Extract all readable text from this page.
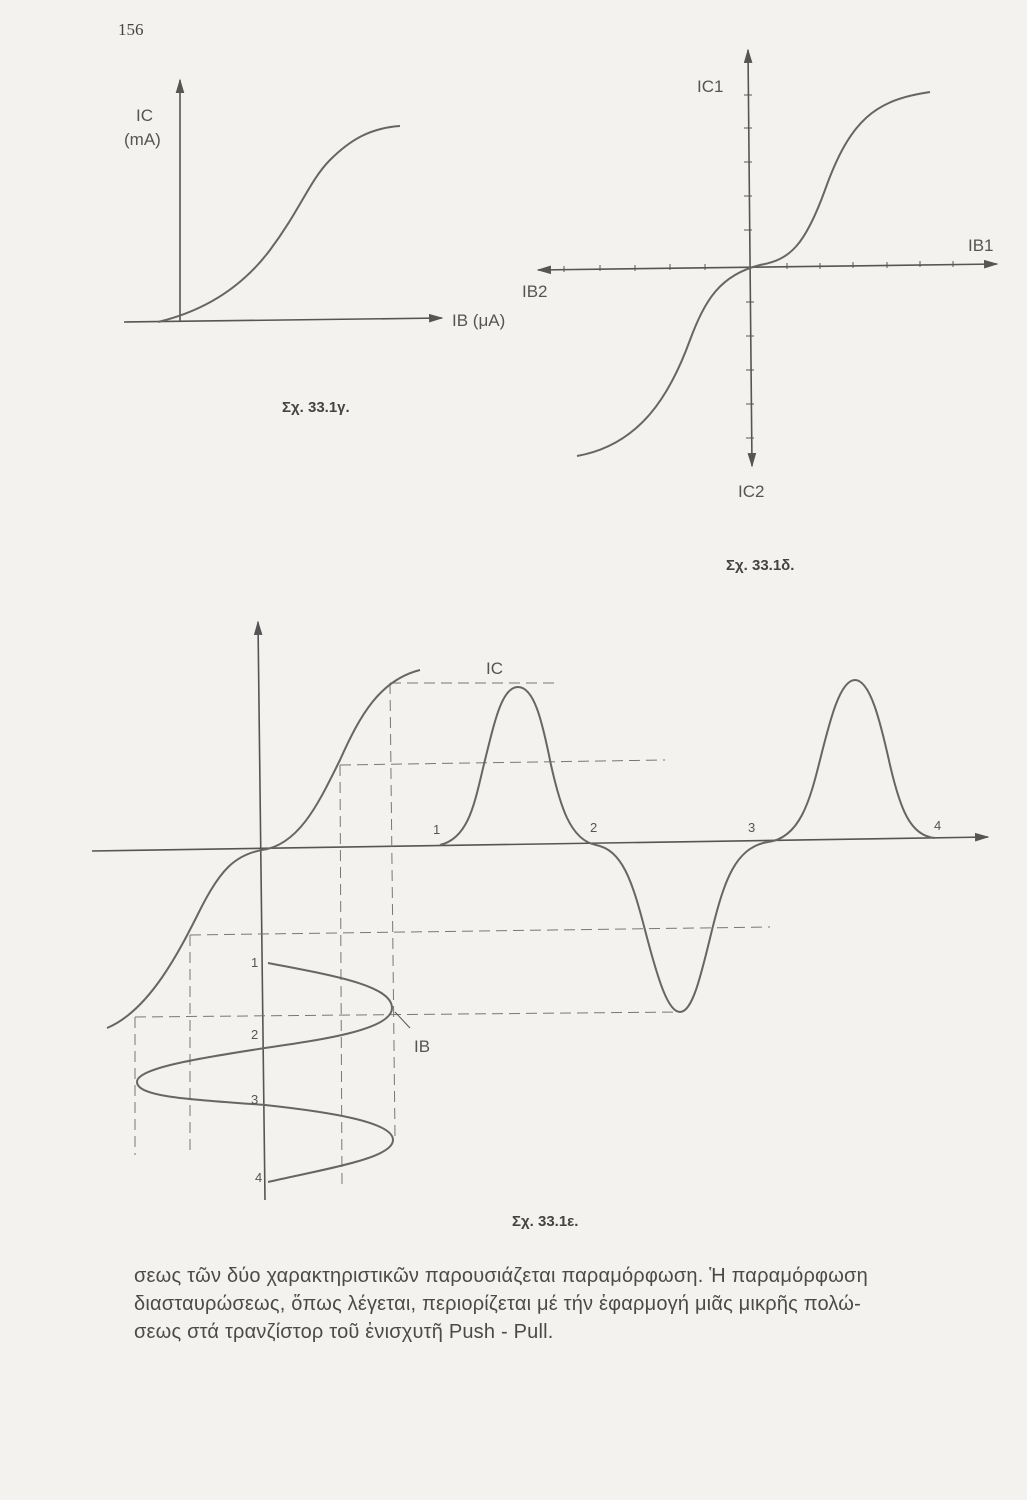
156
IC
(mA)
IB (μA)
Σχ. 33.1γ.
IC1
IB1
IB2
IC2
Σχ. 33.1δ.
IC
IB
1	2	3	4
1
2
3
4
Σχ. 33.1ε.

σεως τῶν δύο χαρακτηριστικῶν παρουσιάζεται παραμόρφωση. Ἡ παραμόρφωση

διασταυρώσεως, ὅπως λέγεται, περιορίζεται μέ τήν ἐφαρμογή μιᾶς μικρῆς πολώ-

σεως στά τρανζίστορ τοῦ ἐνισχυτῆ Push - Pull.
